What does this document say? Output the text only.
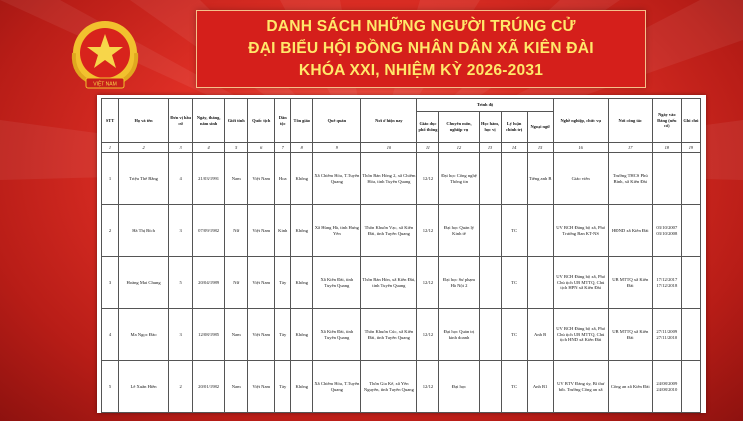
VIỆT NAM
DANH SÁCH NHỮNG NGƯỜI TRÚNG CỬ
ĐẠI BIỂU HỘI ĐỒNG NHÂN DÂN XÃ KIÊN ĐÀI
KHÓA XXI, NHIỆM KỲ 2026-2031
STT	Họ và tên	Đơn vị bầu cử	Ngày, tháng, năm sinh	Giới tính	Quốc tịch	Dân tộc	Tôn giáo	Quê quán	Nơi ở hiện nay	Trình độ					Nghề nghiệp, chức vụ	Nơi công tác	Ngày vào Đảng (nếu có)	Ghi chú
										Giáo dục phổ thông	Chuyên môn, nghiệp vụ	Học hàm, học vị	Lý luận chính trị	Ngoại ngữ				
1	2	3	4	5	6	7	8	9	10	11	12	13	14	15	16	17	18	19
1	Triệu Thế Bằng	4	21/03/1991	Nam	Việt Nam	Hoa	Không	Xã Chiêm Hóa, T.Tuyên Quang	Thôn Bản Hòng 2, xã Chiêm Hóa, tỉnh Tuyên Quang	12/12	Đại học Công nghệ Thông tin			Tiếng anh B	Giáo viên	Trường THCS Phú Bình, xã Kiên Đài		
2	Hà Thị Bích	3	07/09/1982	Nữ	Việt Nam	Kinh	Không	Xã Hùng Hà, tỉnh Hưng Yên	Thôn Khuôn Vạc, xã Kiên Đài, tỉnh Tuyên Quang	12/12	Đại học Quản lý Kinh tế		TC		UV BCH Đảng bộ xã, Phó Trưởng Ban KT-NS	HĐND xã Kiên Đài	03/10/2007 03/10/2008	
3	Hoàng Mai Chung	5	20/04/1989	Nữ	Việt Nam	Tày	Không	Xã Kiên Đài, tỉnh Tuyên Quang	Thôn Bản Hòn, xã Kiên Đài, tỉnh Tuyên Quang	12/12	Đại học Sư phạm Hà Nội 2		TC		UV BCH Đảng bộ xã, Phó Chủ tịch UB MTTQ, Chủ tịch HPN xã Kiên Đài	UB MTTQ xã Kiên Đài	17/12/2017 17/12/2018	
4	Ma Ngọc Đào	3	12/08/1985	Nam	Việt Nam	Tày	Không	Xã Kiên Đài, tỉnh Tuyên Quang	Thôn Khuôn Cúc, xã Kiên Đài, tỉnh Tuyên Quang	12/12	Đại học Quản trị kinh doanh		TC	Anh B	UV BCH Đảng bộ xã, Phó Chủ tịch UB MTTQ, Chủ tịch HND xã Kiên Đài	UB MTTQ xã Kiên Đài	27/11/2009 27/11/2010	
5	Lê Xuân Hiền	2	20/01/1982	Nam	Việt Nam	Tày	Không	Xã Chiêm Hóa, T.Tuyên Quang	Thôn Gia Kế, xã Yên Nguyên, tỉnh Tuyên Quang	12/12	Đại học		TC	Anh B1	UV BTV Đảng ủy, Bí thư btb. Trưởng Công an xã	Công an xã Kiên Đài	24/08/2009 24/08/2010	
